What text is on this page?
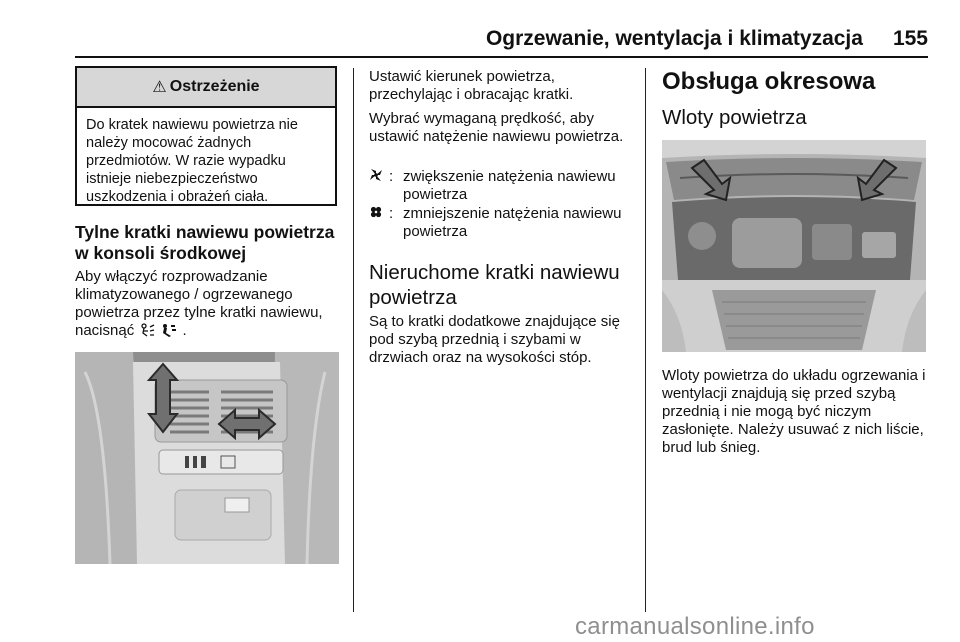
Ogrzewanie, wentylacja i klimatyzacja 155
⚠ Ostrzeżenie
Do kratek nawiewu powietrza nie należy mocować żadnych przedmiotów. W razie wypadku istnieje niebezpieczeństwo uszkodzenia i obrażeń ciała.
Tylne kratki nawiewu powietrza w konsoli środkowej
Aby włączyć rozprowadzanie klimatyzowanego / ogrzewanego powietrza przez tylne kratki nawiewu, nacisnąć	.
Ustawić kierunek powietrza, przechylając i obracając kratki.
Wybrać wymaganą prędkość, aby ustawić natężenie nawiewu powietrza.
: zwiększenie natężenia nawiewu powietrza
: zmniejszenie natężenia nawiewu powietrza
Nieruchome kratki nawiewu powietrza
Są to kratki dodatkowe znajdujące się pod szybą przednią i szybami w drzwiach oraz na wysokości stóp.
Obsługa okresowa
Wloty powietrza
Wloty powietrza do układu ogrzewania i wentylacji znajdują się przed szybą przednią i nie mogą być niczym zasłonięte. Należy usuwać z nich liście, brud lub śnieg.
carmanualsonline.info
